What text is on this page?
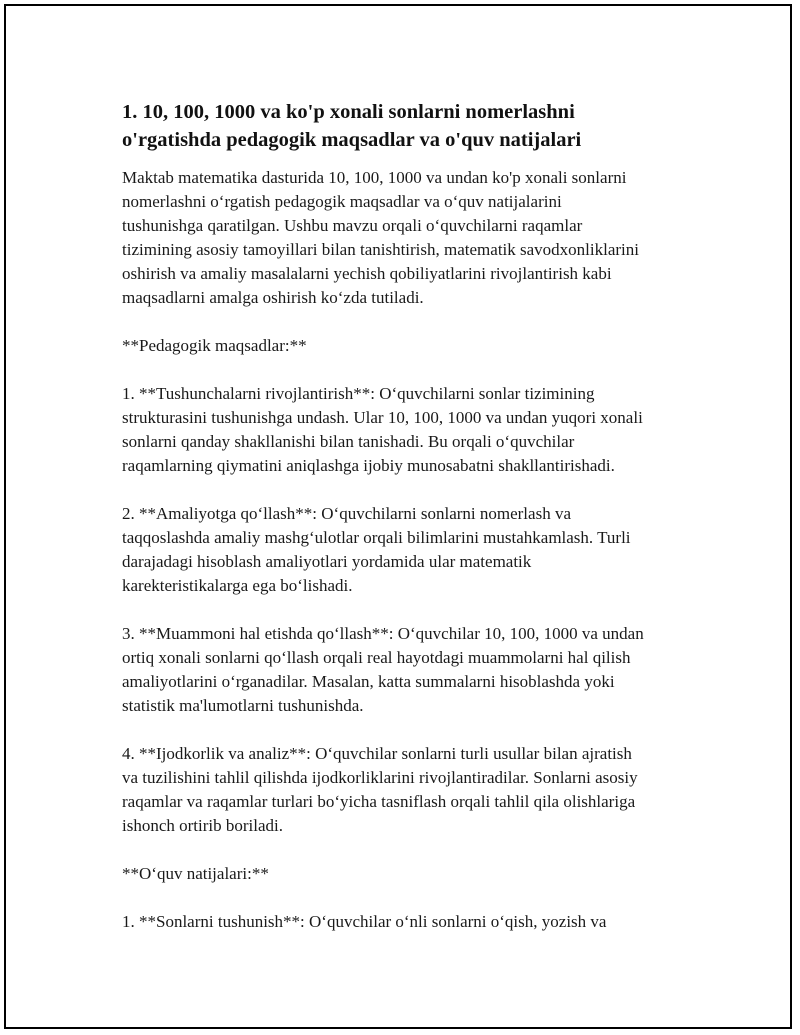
1. 10, 100, 1000 va ko'p xonali sonlarni nomerlashni
o'rgatishda pedagogik maqsadlar va o'quv natijalari

Maktab matematika dasturida 10, 100, 1000 va undan ko'p xonali sonlarni
nomerlashni o‘rgatish pedagogik maqsadlar va o‘quv natijalarini
tushunishga qaratilgan. Ushbu mavzu orqali o‘quvchilarni raqamlar
tizimining asosiy tamoyillari bilan tanishtirish, matematik savodxonliklarini
oshirish va amaliy masalalarni yechish qobiliyatlarini rivojlantirish kabi
maqsadlarni amalga oshirish ko‘zda tutiladi.

**Pedagogik maqsadlar:**

1. **Tushunchalarni rivojlantirish**: O‘quvchilarni sonlar tizimining
strukturasini tushunishga undash. Ular 10, 100, 1000 va undan yuqori xonali
sonlarni qanday shakllanishi bilan tanishadi. Bu orqali o‘quvchilar
raqamlarning qiymatini aniqlashga ijobiy munosabatni shakllantirishadi.

2. **Amaliyotga qo‘llash**: O‘quvchilarni sonlarni nomerlash va
taqqoslashda amaliy mashg‘ulotlar orqali bilimlarini mustahkamlash. Turli
darajadagi hisoblash amaliyotlari yordamida ular matematik
karekteristikalarga ega bo‘lishadi.

3. **Muammoni hal etishda qo‘llash**: O‘quvchilar 10, 100, 1000 va undan
ortiq xonali sonlarni qo‘llash orqali real hayotdagi muammolarni hal qilish
amaliyotlarini o‘rganadilar. Masalan, katta summalarni hisoblashda yoki
statistik ma'lumotlarni tushunishda.

4. **Ijodkorlik va analiz**: O‘quvchilar sonlarni turli usullar bilan ajratish
va tuzilishini tahlil qilishda ijodkorliklarini rivojlantiradilar. Sonlarni asosiy
raqamlar va raqamlar turlari bo‘yicha tasniflash orqali tahlil qila olishlariga
ishonch ortirib boriladi.

**O‘quv natijalari:**

1. **Sonlarni tushunish**: O‘quvchilar o‘nli sonlarni o‘qish, yozish va
